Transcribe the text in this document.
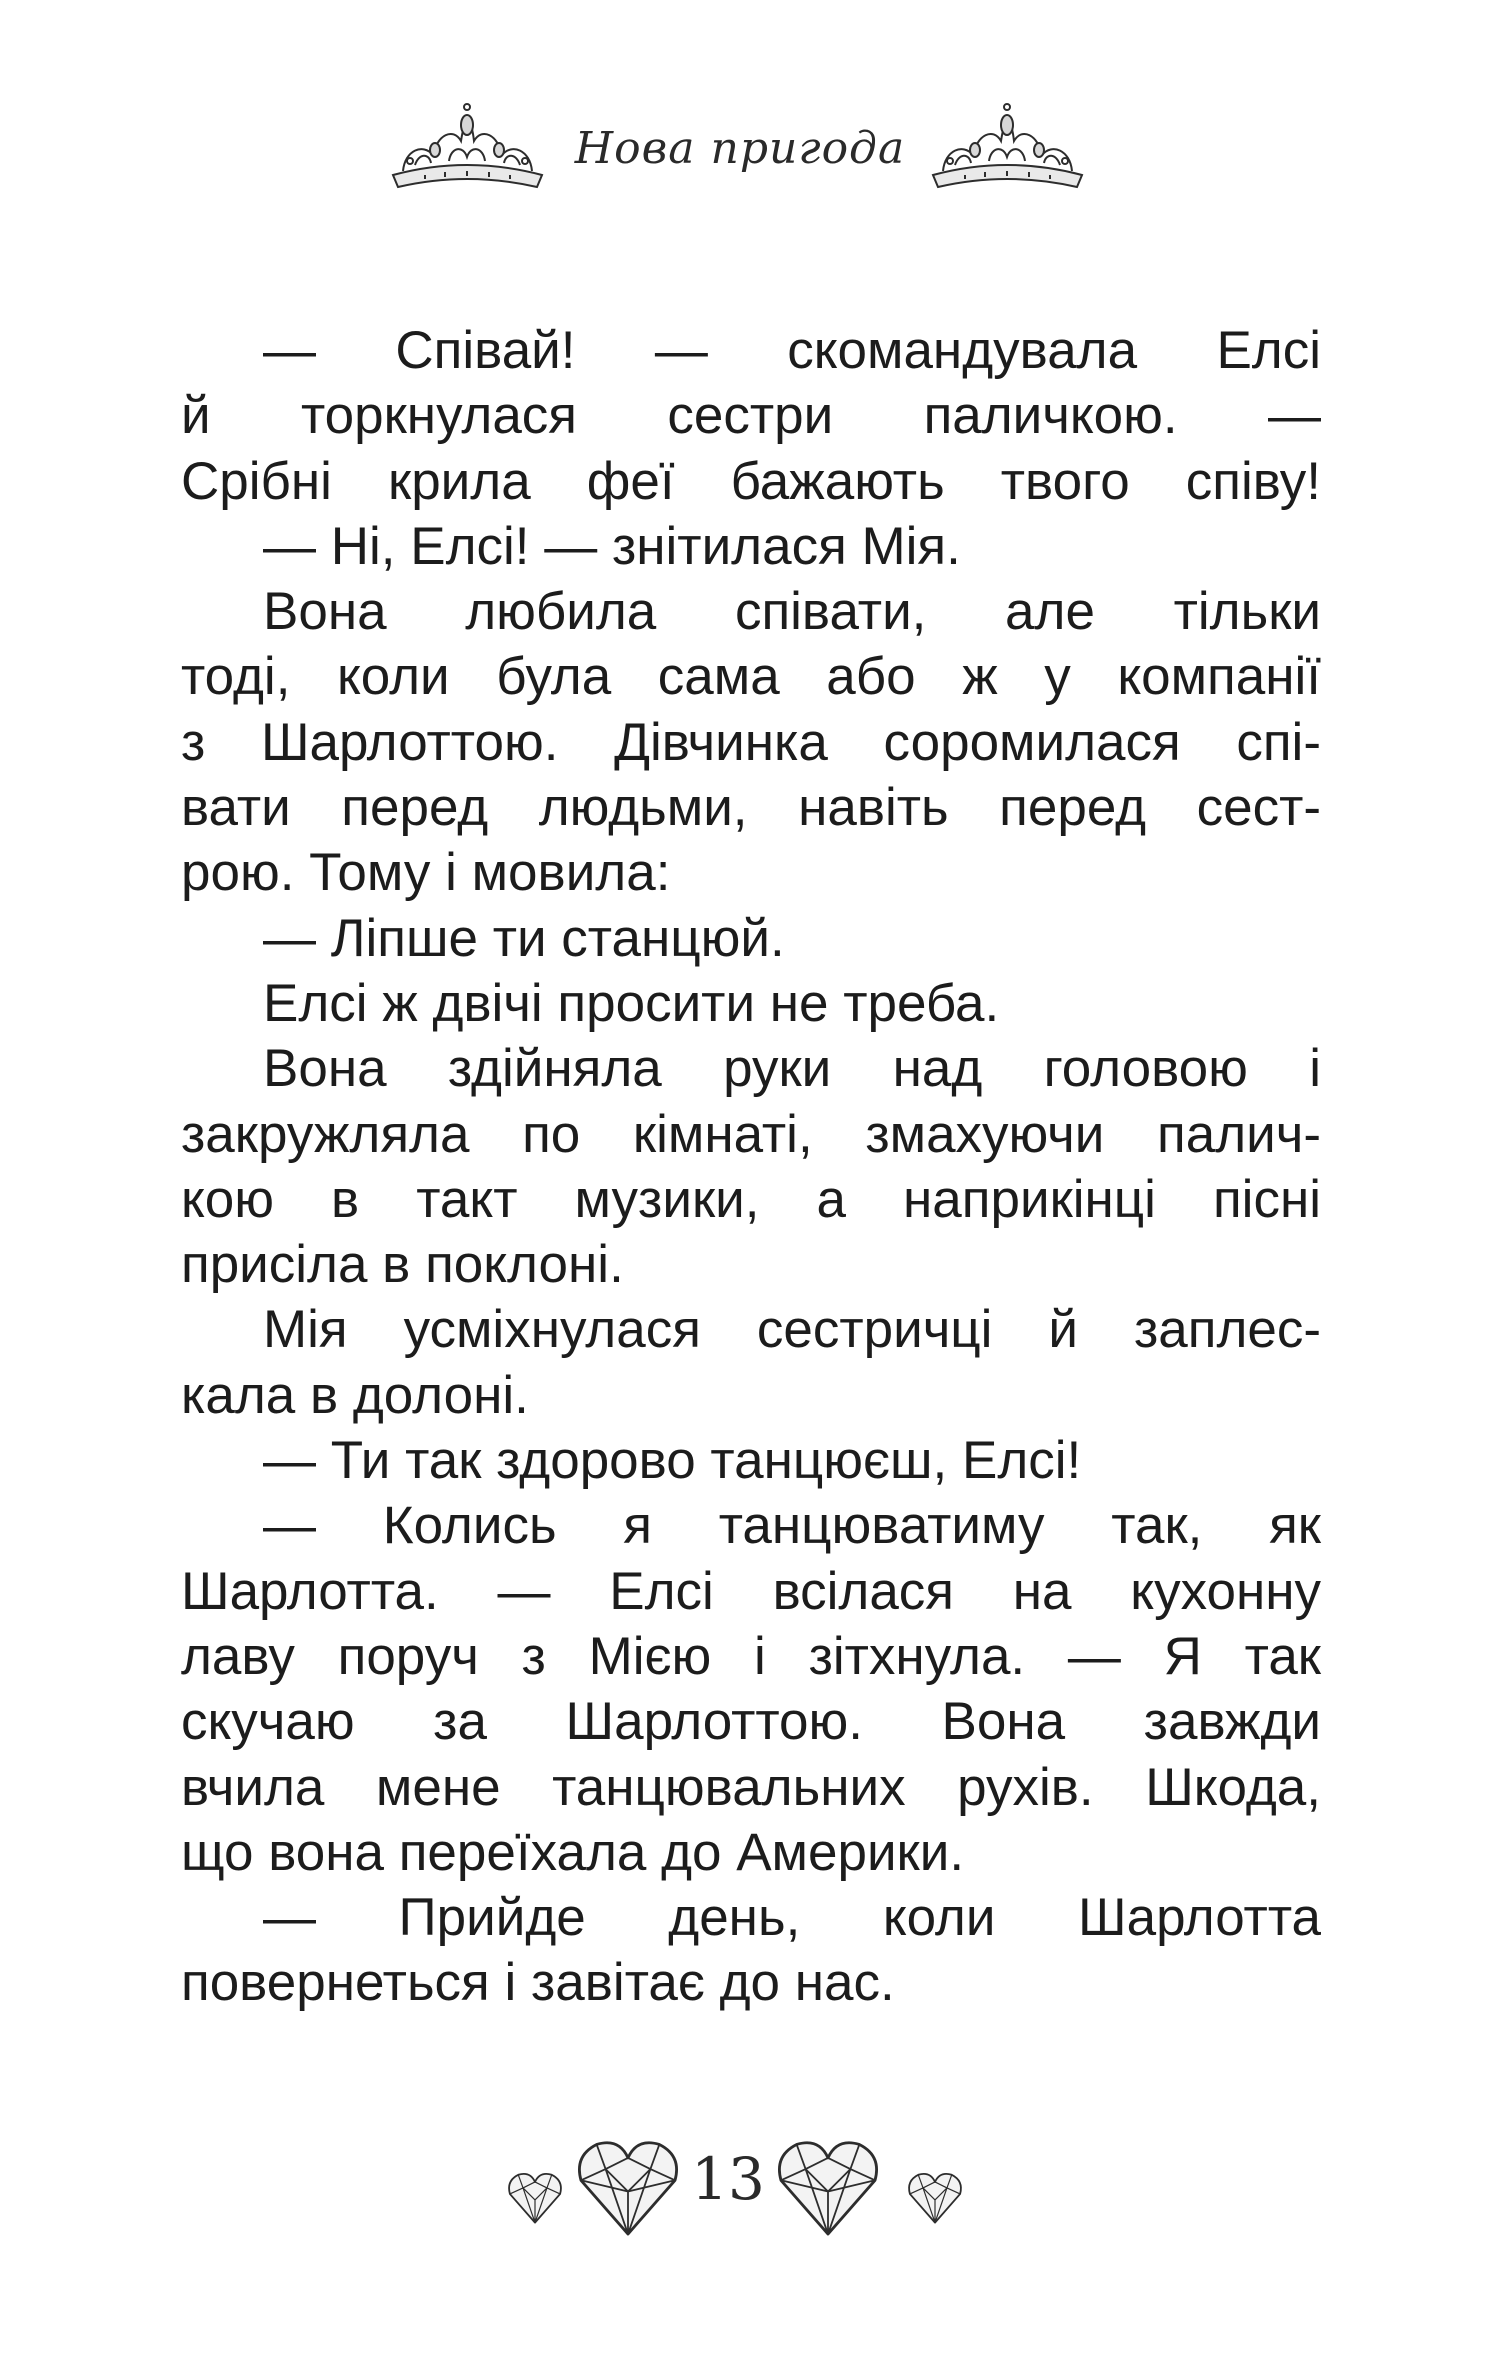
Нова пригода
— Співай! — скомандувала Елсі
й торкнулася сестри паличкою. —
Срібні крила феї бажають твого співу!
— Ні, Елсі! — знітилася Мія.
Вона любила співати, але тільки
тоді, коли була сама або ж у компанії
з Шарлоттою. Дівчинка соромилася спі-
вати перед людьми, навіть перед сест-
рою. Тому і мовила:
— Ліпше ти станцюй.
Елсі ж двічі просити не треба.
Вона здійняла руки над головою і
закружляла по кімнаті, змахуючи палич-
кою в такт музики, а наприкінці пісні
присіла в поклоні.
Мія усміхнулася сестричці й заплес-
кала в долоні.
— Ти так здорово танцюєш, Елсі!
— Колись я танцюватиму так, як
Шарлотта. — Елсі всілася на кухонну
лаву поруч з Мією і зітхнула. — Я так
скучаю за Шарлоттою. Вона завжди
вчила мене танцювальних рухів. Шкода,
що вона переїхала до Америки.
— Прийде день, коли Шарлотта
повернеться і завітає до нас.
13
